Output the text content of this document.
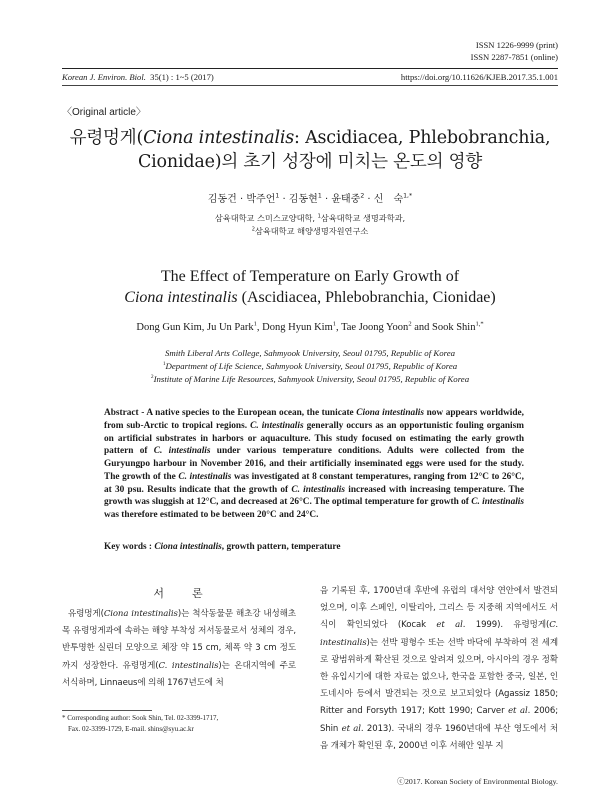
ISSN 1226-9999 (print)
ISSN 2287-7851 (online)
Korean J. Environ. Biol. 35(1) : 1~5 (2017)	https://doi.org/10.11626/KJEB.2017.35.1.001
〈Original article〉
유령멍게(Ciona intestinalis: Ascidiacea, Phlebobranchia,
Cionidae)의 초기 성장에 미치는 온도의 영향
김동건 · 박주언$^1$ · 김동현$^1$ · 윤태중$^2$ · 신　숙$^{1,*}$
삼육대학교 스미스교양대학, $^1$삼육대학교 생명과학과,
$^2$삼육대학교 해양생명자원연구소
The Effect of Temperature on Early Growth of
Ciona intestinalis (Ascidiacea, Phlebobranchia, Cionidae)
Dong Gun Kim, Ju Un Park$^1$, Dong Hyun Kim$^1$, Tae Joong Yoon$^2$ and Sook Shin$^{1,*}$
Smith Liberal Arts College, Sahmyook University, Seoul 01795, Republic of Korea
$^1$Department of Life Science, Sahmyook University, Seoul 01795, Republic of Korea
$^2$Institute of Marine Life Resources, Sahmyook University, Seoul 01795, Republic of Korea
Abstract - A native species to the European ocean, the tunicate Ciona intestinalis now appears worldwide, from sub-Arctic to tropical regions. C. intestinalis generally occurs as an opportunistic fouling organism on artificial substrates in harbors or aquaculture. This study focused on estimating the early growth pattern of C. intestinalis under various temperature conditions. Adults were collected from the Guryungpo harbour in November 2016, and their artificially inseminated eggs were used for the study. The growth of the C. intestinalis was investigated at 8 constant temperatures, ranging from 12°C to 26°C, at 30 psu. Results indicate that the growth of C. intestinalis increased with increasing temperature. The growth was sluggish at 12°C, and decreased at 26°C. The optimal temperature for growth of C. intestinalis was therefore estimated to be between 20°C and 24°C.
Key words : Ciona intestinalis, growth pattern, temperature
서론
유령멍게(Ciona intestinalis)는 척삭동물문 해초강 내성해초목 유령멍게과에 속하는 해양 부착성 저서동물로서 성체의 경우, 반투명한 실린더 모양으로 체장 약 15 cm, 체폭 약 3 cm 정도까지 성장한다. 유령멍게(C. intestinalis)는 온대지역에 주로 서식하며, Linnaeus에 의해 1767년도에 처
음 기록된 후, 1700년대 후반에 유럽의 대서양 연안에서 발견되었으며, 이후 스페인, 이탈리아, 그리스 등 지중해 지역에서도 서식이 확인되었다 (Kocak et al. 1999). 유령멍게(C. intestinalis)는 선박 평형수 또는 선박 바닥에 부착하여 전 세계로 광범위하게 확산된 것으로 알려져 있으며, 아시아의 경우 정확한 유입시기에 대한 자료는 없으나, 한국을 포함한 중국, 일본, 인도네시아 등에서 발견되는 것으로 보고되었다 (Agassiz 1850; Ritter and Forsyth 1917; Kott 1990; Carver et al. 2006; Shin et al. 2013). 국내의 경우 1960년대에 부산 영도에서 처음 개체가 확인된 후, 2000년 이후 서해안 일부 지
* Corresponding author: Sook Shin, Tel. 02-3399-1717,
Fax. 02-3399-1729, E-mail. shins@syu.ac.kr
ⓒ2017. Korean Society of Environmental Biology.
